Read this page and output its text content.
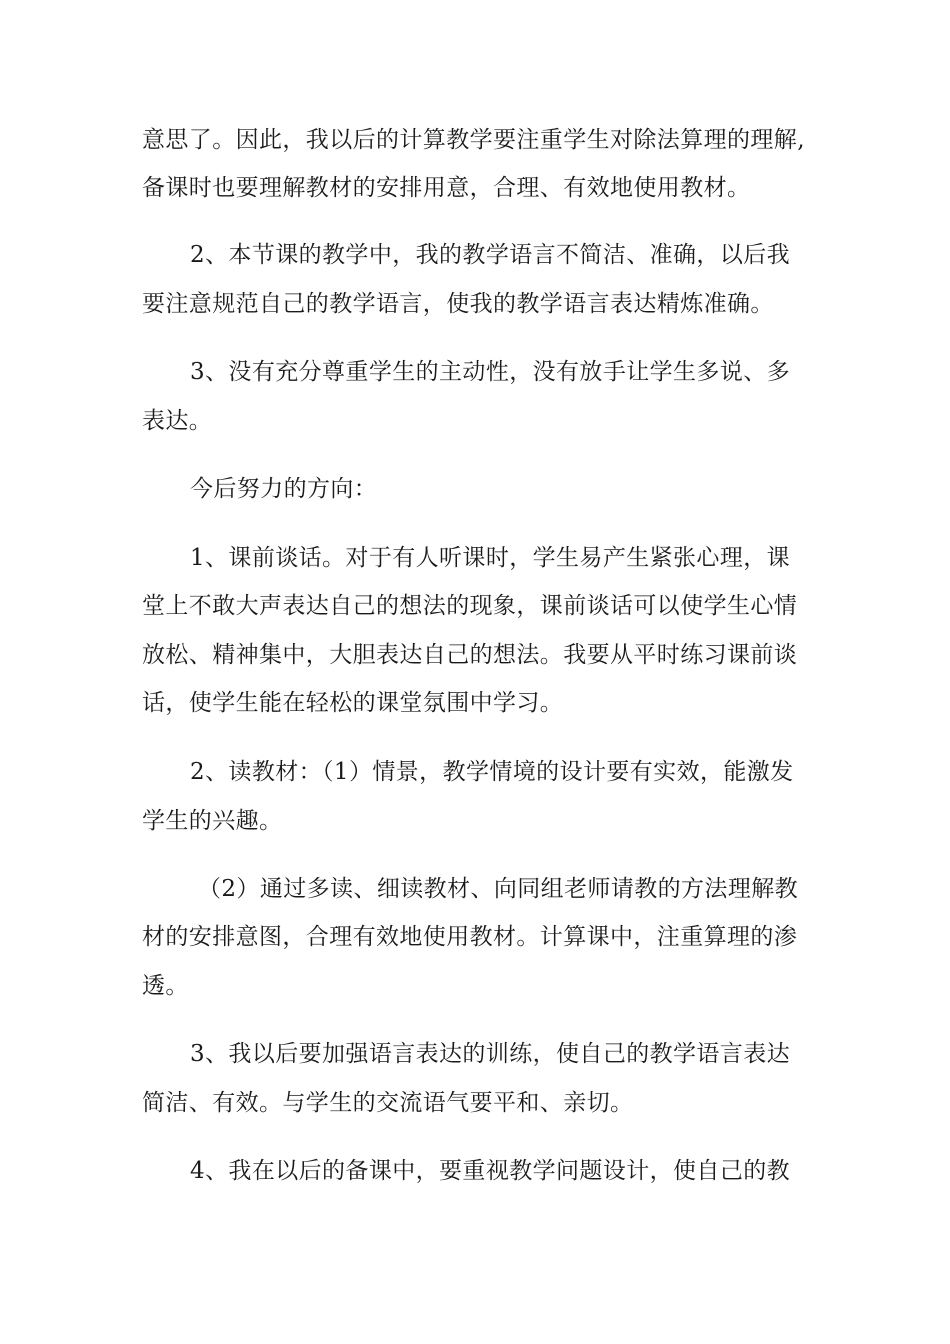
意思了。因此，我以后的计算教学要注重学生对除法算理的理解,
备课时也要理解教材的安排用意，合理、有效地使用教材。
2、本节课的教学中，我的教学语言不简洁、准确，以后我
要注意规范自己的教学语言，使我的教学语言表达精炼准确。
3、没有充分尊重学生的主动性，没有放手让学生多说、多
表达。
今后努力的方向：
1、课前谈话。对于有人听课时，学生易产生紧张心理，课
堂上不敢大声表达自己的想法的现象，课前谈话可以使学生心情
放松、精神集中，大胆表达自己的想法。我要从平时练习课前谈
话，使学生能在轻松的课堂氛围中学习。
2、读教材：（1）情景，教学情境的设计要有实效，能激发
学生的兴趣。
（2）通过多读、细读教材、向同组老师请教的方法理解教
材的安排意图，合理有效地使用教材。计算课中，注重算理的渗
透。
3、我以后要加强语言表达的训练，使自己的教学语言表达
简洁、有效。与学生的交流语气要平和、亲切。
4、我在以后的备课中，要重视教学问题设计，使自己的教
